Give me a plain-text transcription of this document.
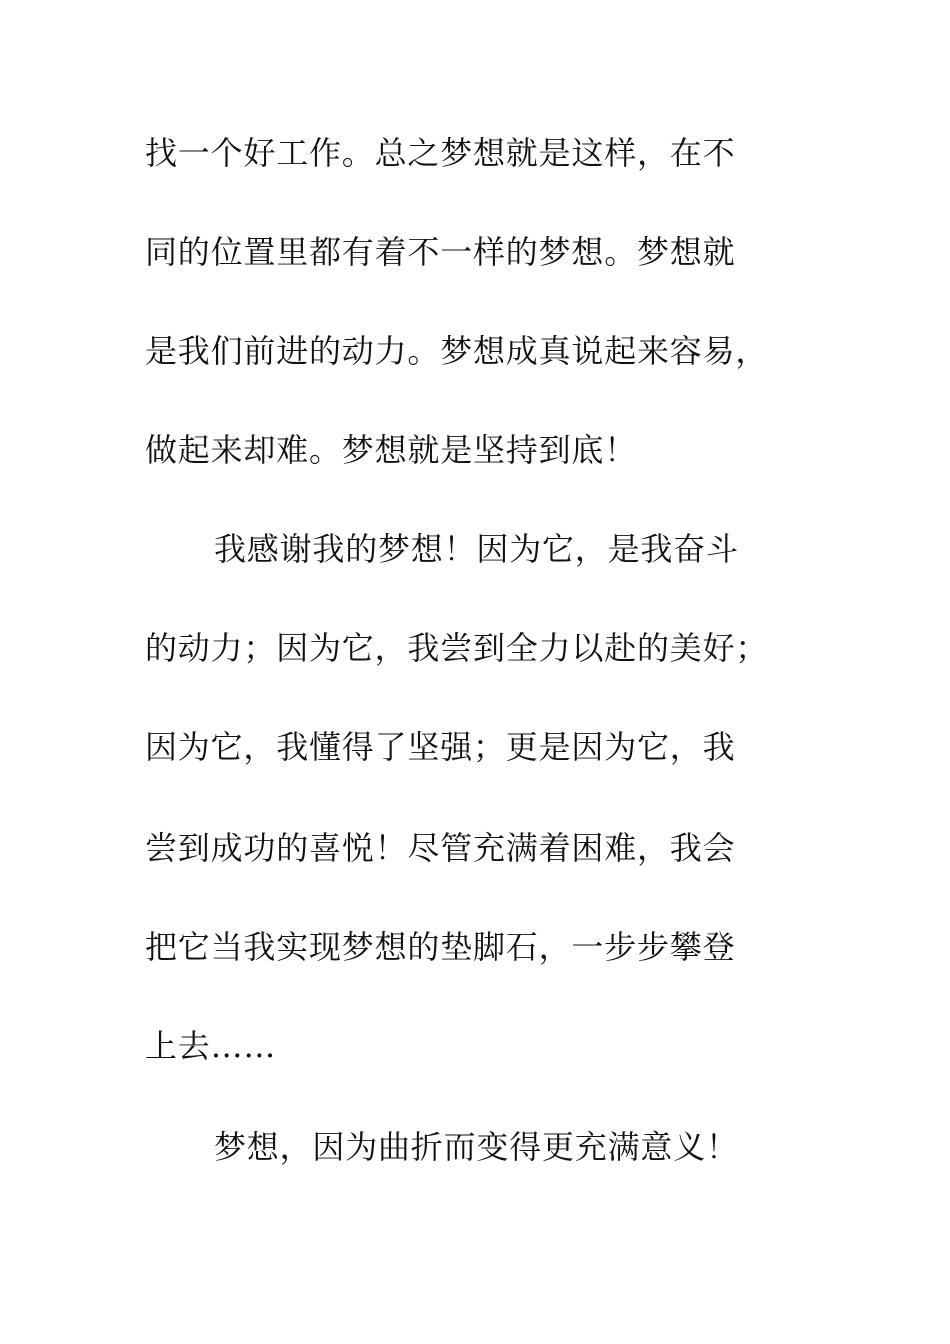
找一个好工作。总之梦想就是这样，在不
同的位置里都有着不一样的梦想。梦想就
是我们前进的动力。梦想成真说起来容易，
做起来却难。梦想就是坚持到底！
我感谢我的梦想！因为它，是我奋斗
的动力；因为它，我尝到全力以赴的美好；
因为它，我懂得了坚强；更是因为它，我
尝到成功的喜悦！尽管充满着困难，我会
把它当我实现梦想的垫脚石，一步步攀登
上去……
梦想，因为曲折而变得更充满意义！
